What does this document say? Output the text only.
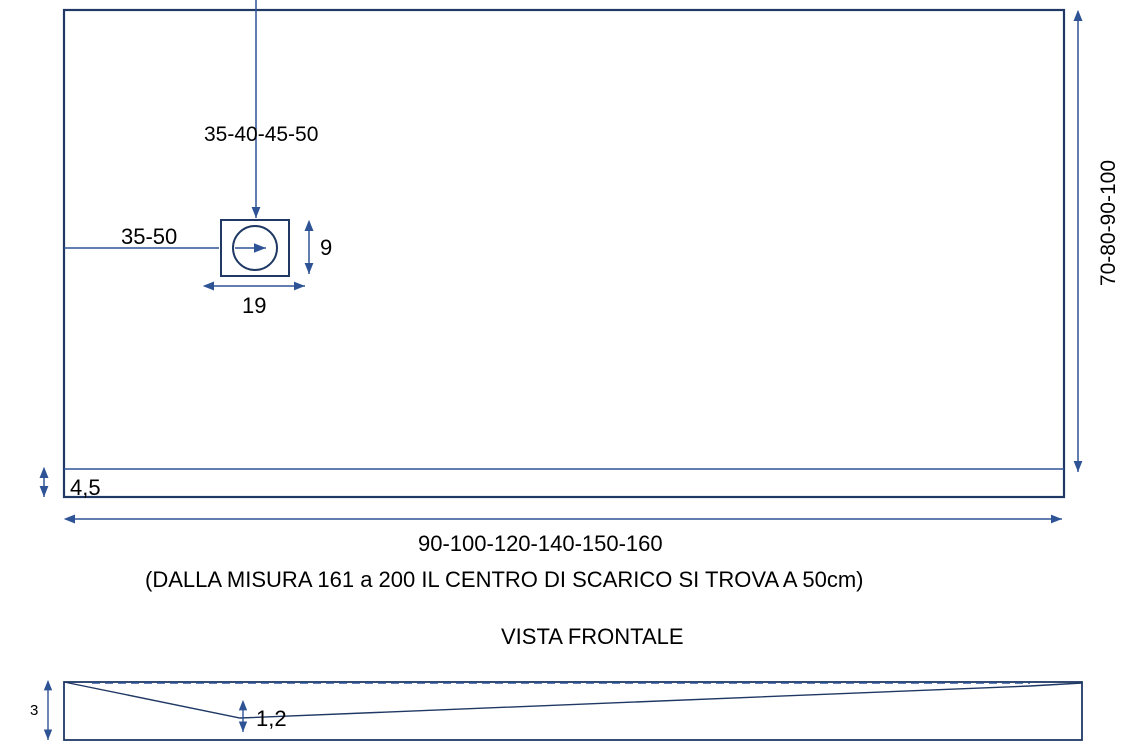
35-40-45-50
35-50	9
19
70-80-90-100
4,5
90-100-120-140-150-160
(DALLA MISURA 161 a 200 IL CENTRO DI SCARICO SI TROVA A 50cm)
VISTA FRONTALE
3	1,2
